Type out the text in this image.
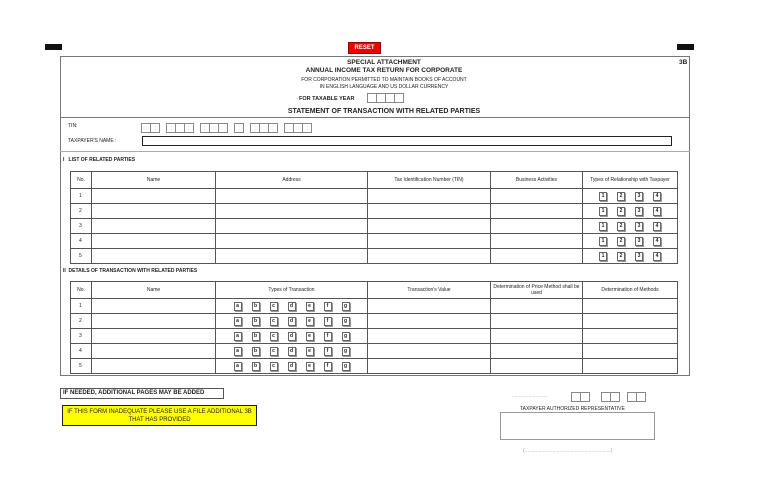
RESET
3B
SPECIAL ATTACHMENT
ANNUAL INCOME TAX RETURN FOR CORPORATE
FOR CORPORATION PERMITTED TO MAINTAIN BOOKS OF ACCOUNT IN ENGLISH LANGUAGE AND US DOLLAR CURRENCY
FOR TAXABLE YEAR
STATEMENT OF TRANSACTION WITH RELATED PARTIES
TIN:
TAXPAYER'S NAME :
I   LIST OF RELATED PARTIES
No.	Name	Address	Tax Identification Number (TIN)	Business Activities	Types of Relationship with Taxpayer
1					1 2 3 4
2					1 2 3 4
3					1 2 3 4
4					1 2 3 4
5					1 2 3 4
II  DETAILS OF TRANSACTION WITH RELATED PARTIES
No.	Name	Types of Transaction	Transaction's Value	Determination of Price Method shall be used	Determination of Methods
1		a b c d e f g			
2		a b c d e f g			
3		a b c d e f g			
4		a b c d e f g			
5		a b c d e f g			
IF NEEDED, ADDITIONAL PAGES MAY BE ADDED
IF THIS FORM INADEQUATE PLEASE USE A FILE ADDITIONAL 3B THAT HAS PROVIDED
..........................
TAXPAYER AUTHORIZED REPRESENTATIVE
(..............................................................)
